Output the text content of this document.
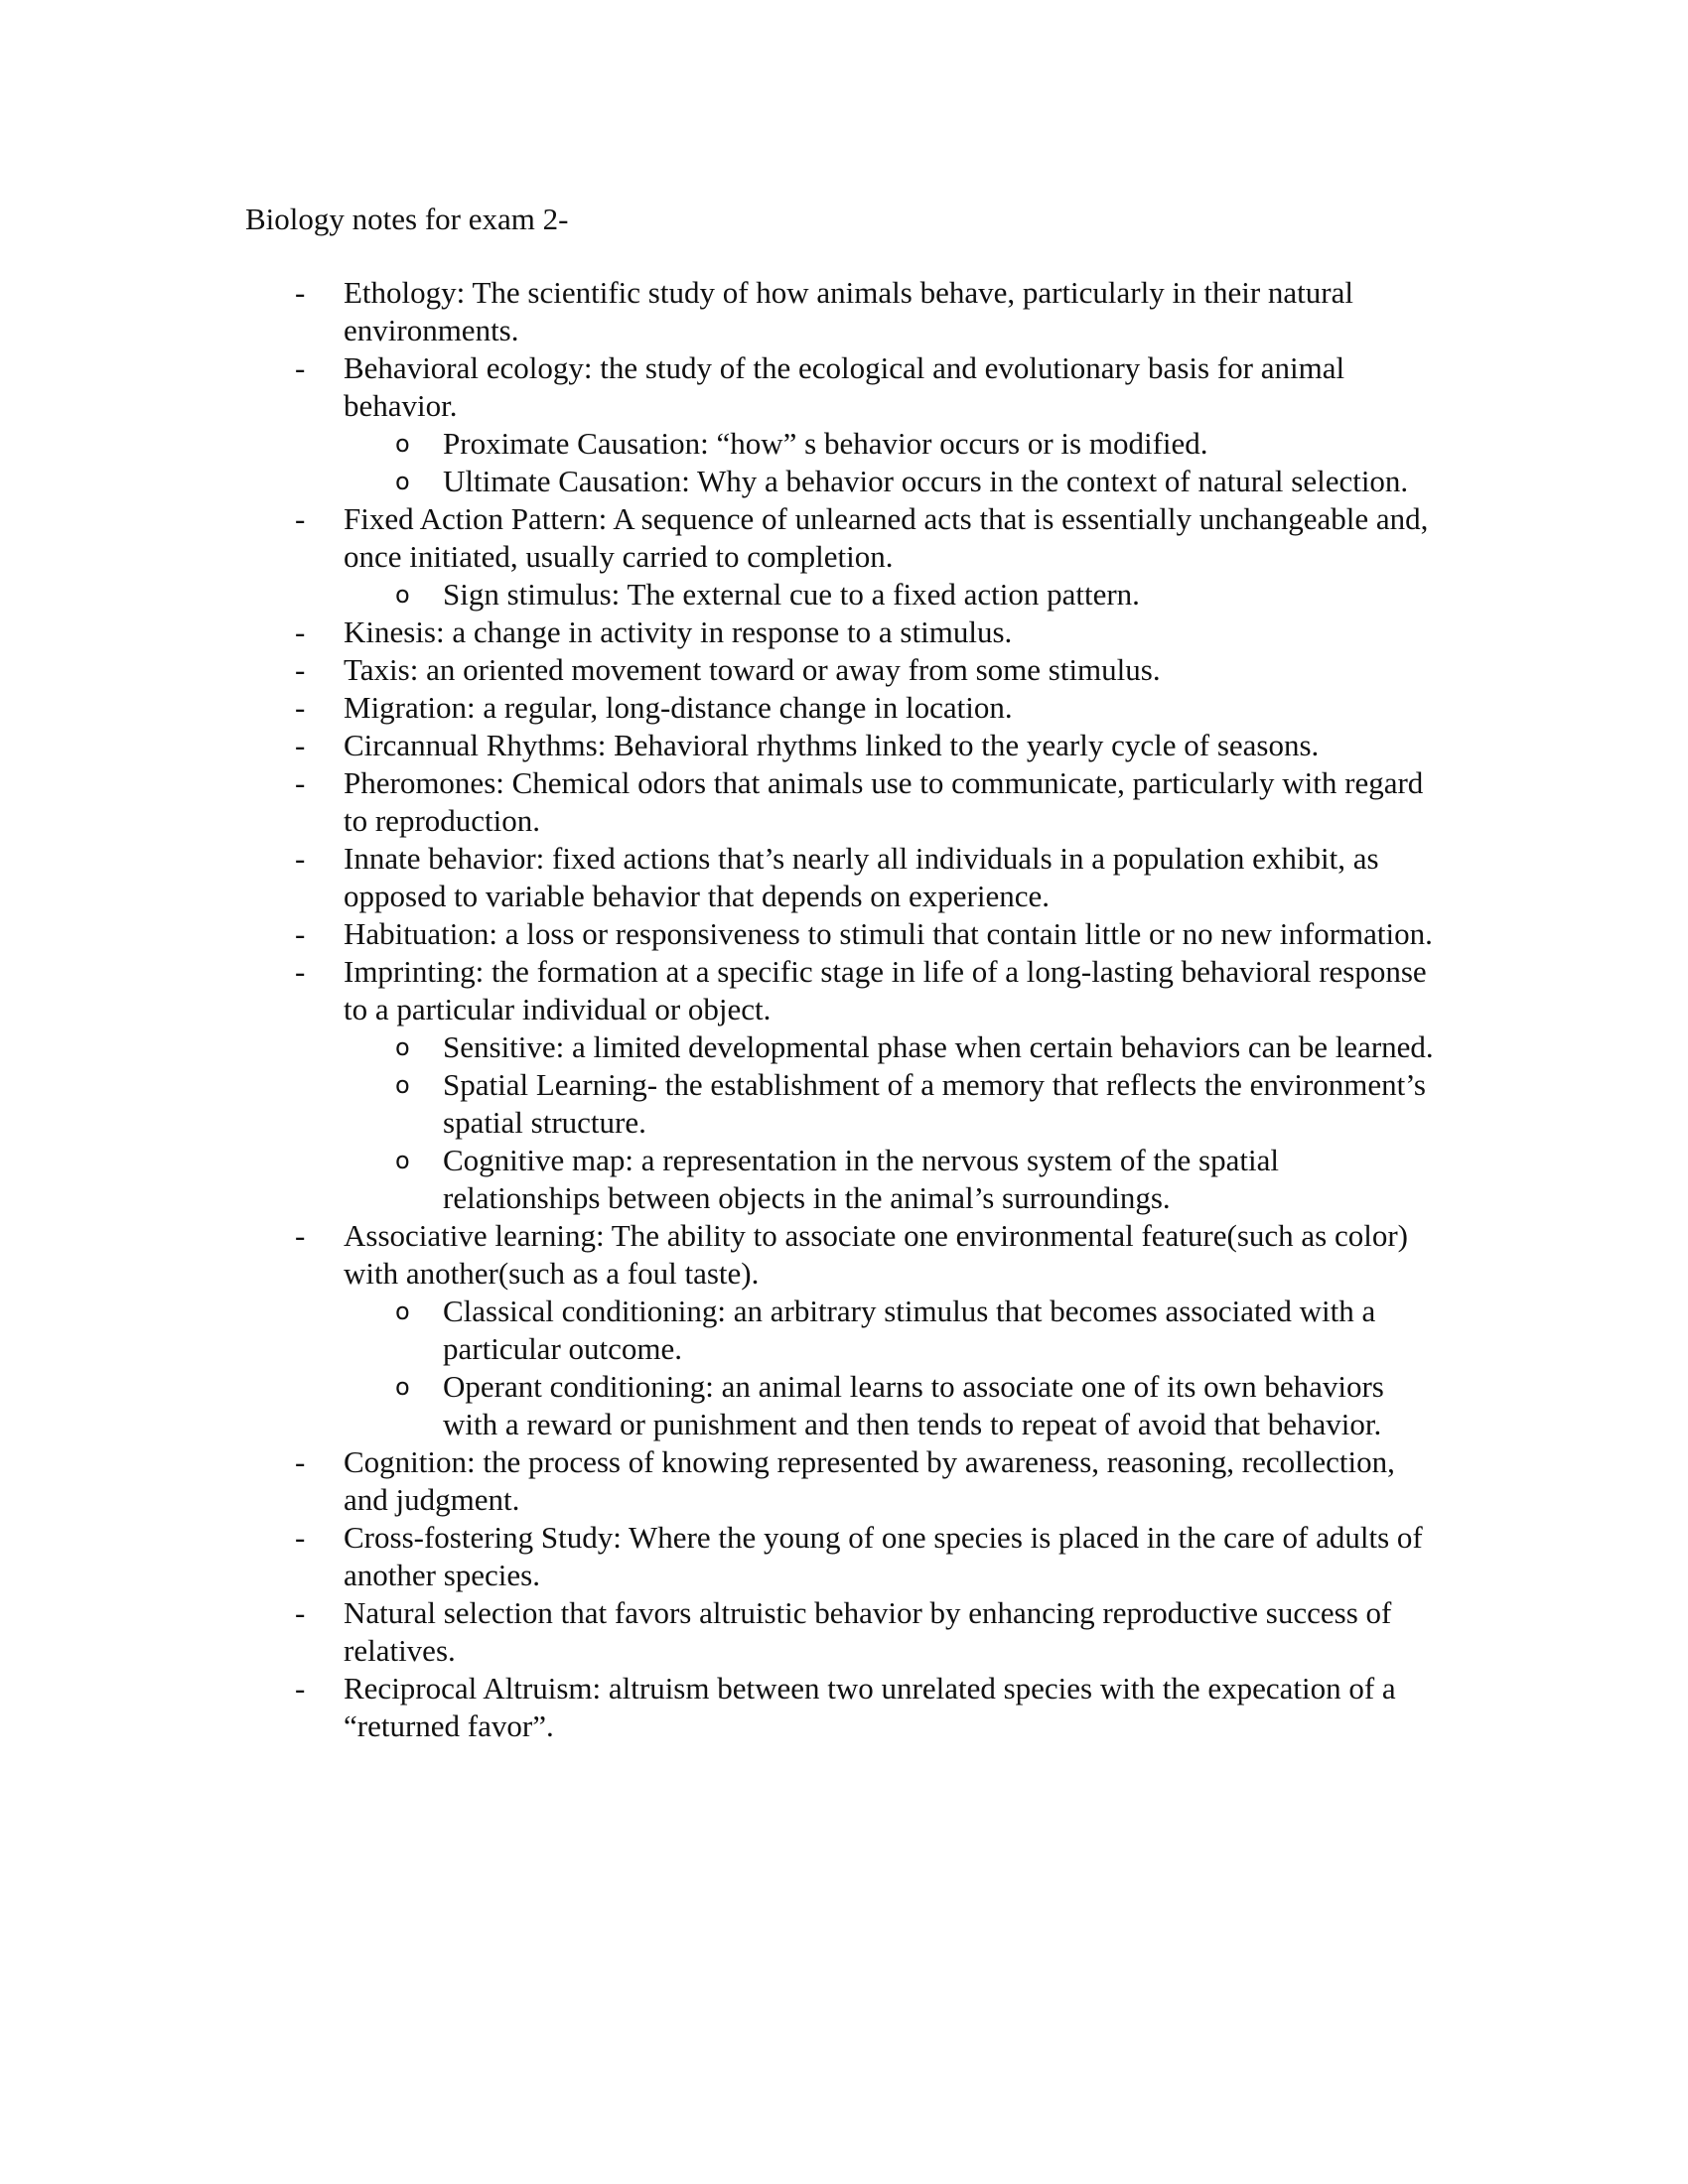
Biology notes for exam 2-
- Ethology: The scientific study of how animals behave, particularly in their natural environments.
- Behavioral ecology: the study of the ecological and evolutionary basis for animal behavior.
o Proximate Causation: “how” s behavior occurs or is modified.
o Ultimate Causation: Why a behavior occurs in the context of natural selection.
- Fixed Action Pattern: A sequence of unlearned acts that is essentially unchangeable and, once initiated, usually carried to completion.
o Sign stimulus: The external cue to a fixed action pattern.
- Kinesis: a change in activity in response to a stimulus.
- Taxis: an oriented movement toward or away from some stimulus.
- Migration: a regular, long-distance change in location.
- Circannual Rhythms: Behavioral rhythms linked to the yearly cycle of seasons.
- Pheromones: Chemical odors that animals use to communicate, particularly with regard to reproduction.
- Innate behavior: fixed actions that’s nearly all individuals in a population exhibit, as opposed to variable behavior that depends on experience.
- Habituation: a loss or responsiveness to stimuli that contain little or no new information.
- Imprinting: the formation at a specific stage in life of a long-lasting behavioral response to a particular individual or object.
o Sensitive: a limited developmental phase when certain behaviors can be learned.
o Spatial Learning- the establishment of a memory that reflects the environment’s spatial structure.
o Cognitive map: a representation in the nervous system of the spatial relationships between objects in the animal’s surroundings.
- Associative learning: The ability to associate one environmental feature(such as color) with another(such as a foul taste).
o Classical conditioning: an arbitrary stimulus that becomes associated with a particular outcome.
o Operant conditioning: an animal learns to associate one of its own behaviors with a reward or punishment and then tends to repeat of avoid that behavior.
- Cognition: the process of knowing represented by awareness, reasoning, recollection, and judgment.
- Cross-fostering Study: Where the young of one species is placed in the care of adults of another species.
- Natural selection that favors altruistic behavior by enhancing reproductive success of relatives.
- Reciprocal Altruism: altruism between two unrelated species with the expecation of a “returned favor”.
